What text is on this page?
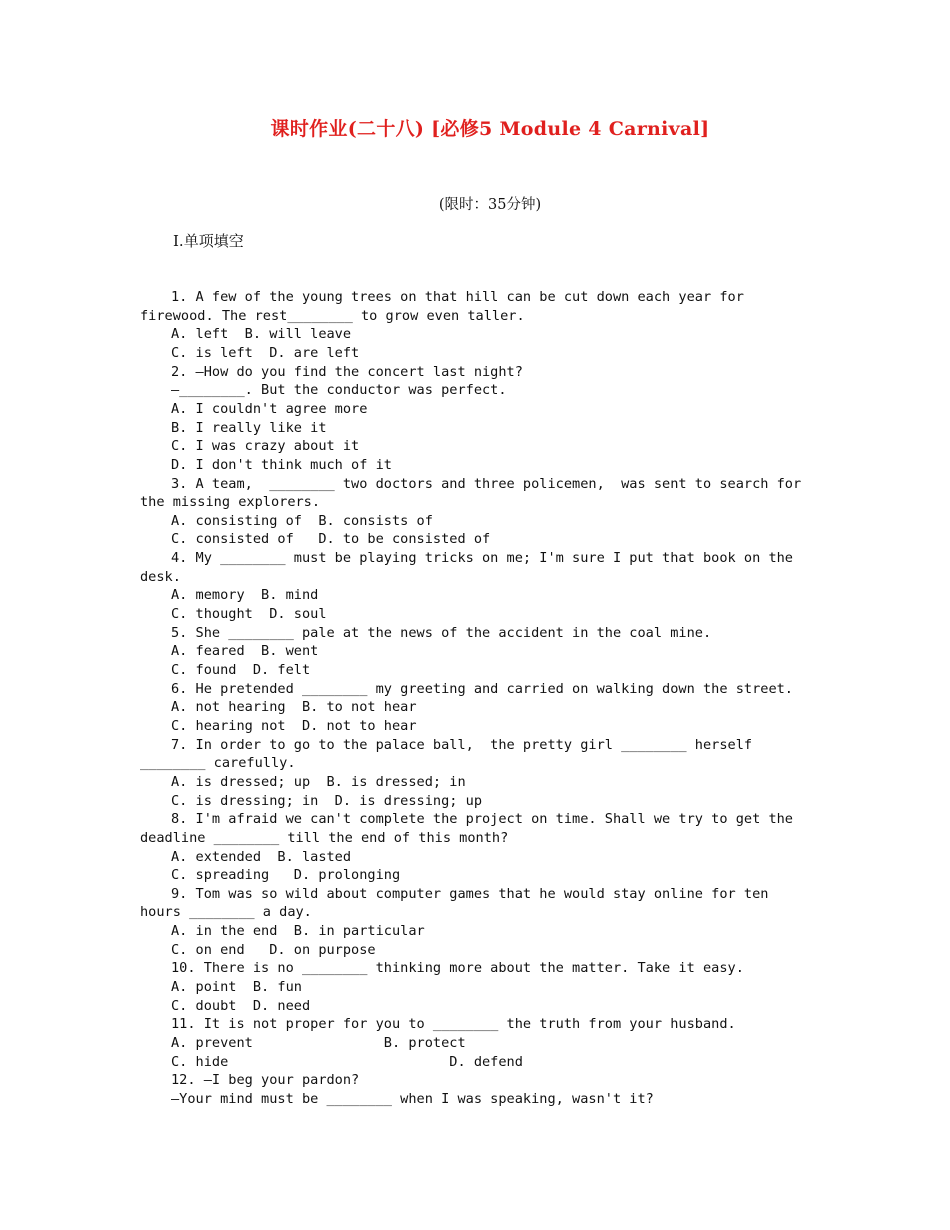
课时作业(二十八) [必修5 Module 4 Carnival]
(限时：35分钟)
Ⅰ.单项填空
1. A few of the young trees on that hill can be cut down each year for
firewood. The rest________ to grow even taller.
A. left  B. will leave
C. is left  D. are left
2. —How do you find the concert last night?
—________. But the conductor was perfect.
A. I couldn't agree more
B. I really like it
C. I was crazy about it
D. I don't think much of it
3. A team,  ________ two doctors and three policemen,  was sent to search for
the missing explorers.
A. consisting of  B. consists of
C. consisted of   D. to be consisted of
4. My ________ must be playing tricks on me; I'm sure I put that book on the
desk.
A. memory  B. mind
C. thought  D. soul
5. She ________ pale at the news of the accident in the coal mine.
A. feared  B. went
C. found  D. felt
6. He pretended ________ my greeting and carried on walking down the street.
A. not hearing  B. to not hear
C. hearing not  D. not to hear
7. In order to go to the palace ball,  the pretty girl ________ herself
________ carefully.
A. is dressed; up  B. is dressed; in
C. is dressing; in  D. is dressing; up
8. I'm afraid we can't complete the project on time. Shall we try to get the
deadline ________ till the end of this month?
A. extended  B. lasted
C. spreading   D. prolonging
9. Tom was so wild about computer games that he would stay online for ten
hours ________ a day.
A. in the end  B. in particular
C. on end   D. on purpose
10. There is no ________ thinking more about the matter. Take it easy.
A. point  B. fun
C. doubt  D. need
11. It is not proper for you to ________ the truth from your husband.
A. prevent                B. protect
C. hide                           D. defend
12. —I beg your pardon?
—Your mind must be ________ when I was speaking, wasn't it?
